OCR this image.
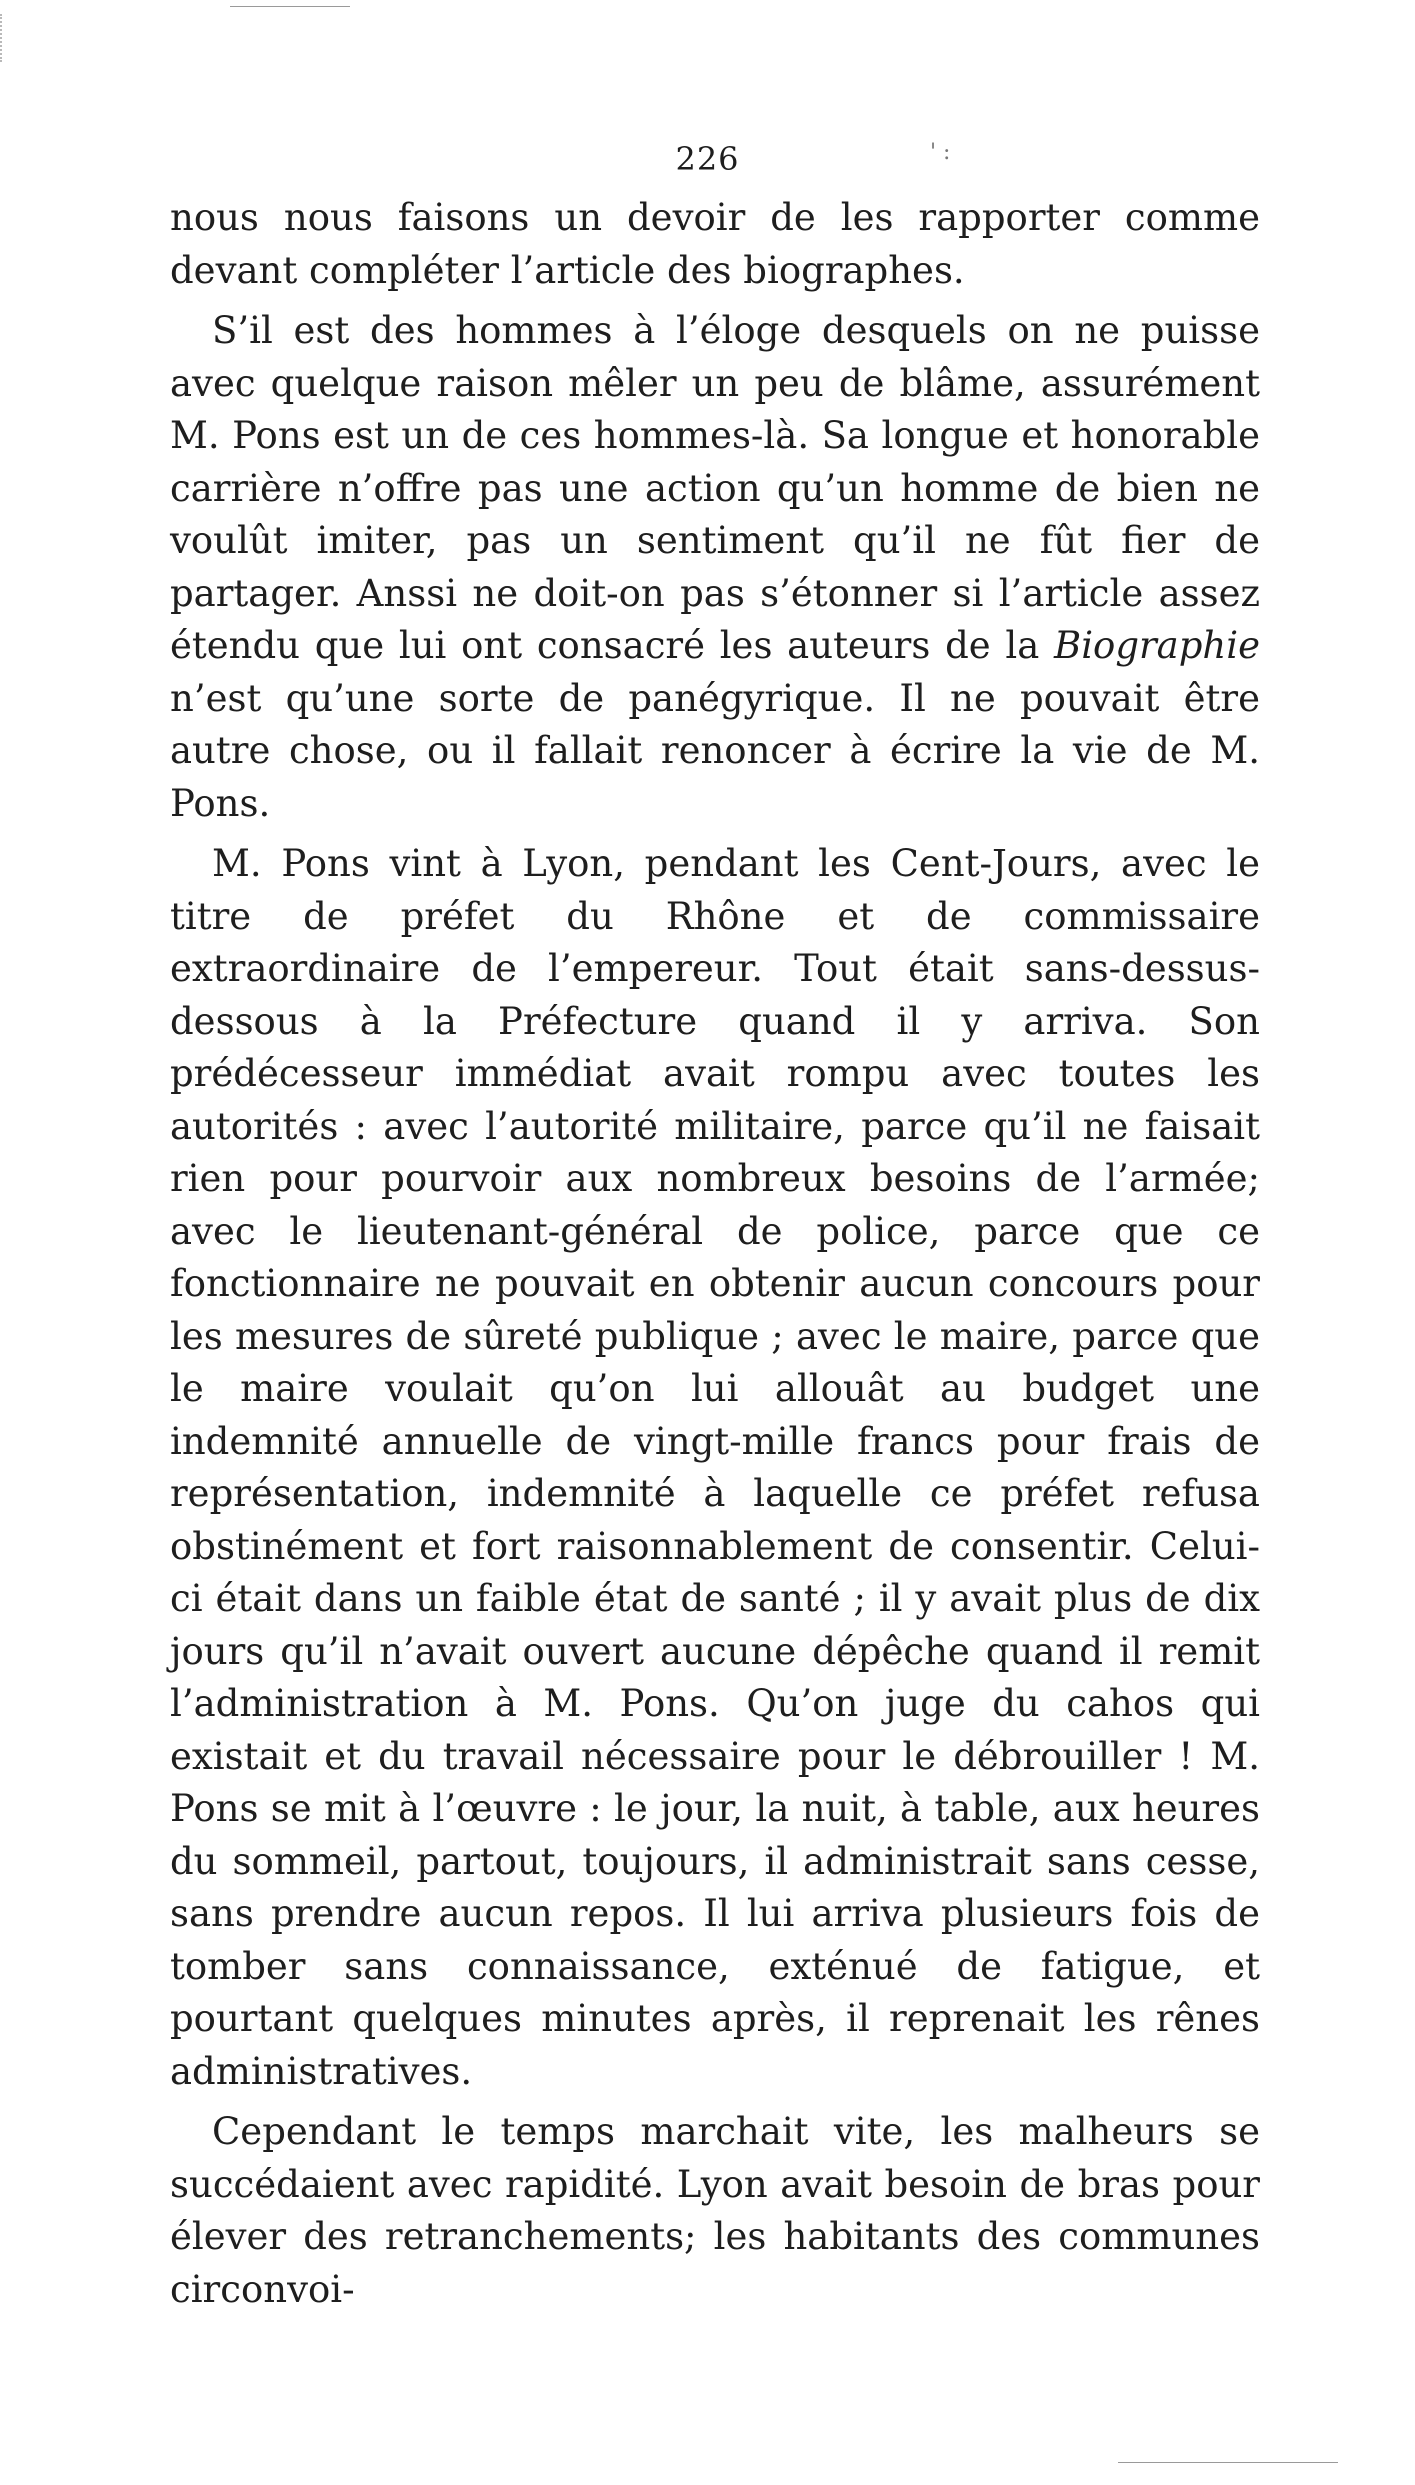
226	' :

nous nous faisons un devoir de les rapporter comme devant compléter l’article des biographes.

S’il est des hommes à l’éloge desquels on ne puisse avec quelque raison mêler un peu de blâme, assurément M. Pons est un de ces hommes-là. Sa longue et honorable carrière n’offre pas une action qu’un homme de bien ne voulût imiter, pas un sentiment qu’il ne fût fier de partager. Anssi ne doit-on pas s’étonner si l’article assez étendu que lui ont consacré les auteurs de la Biographie n’est qu’une sorte de panégyrique. Il ne pouvait être autre chose, ou il fallait renoncer à écrire la vie de M. Pons.

M. Pons vint à Lyon, pendant les Cent-Jours, avec le titre de préfet du Rhône et de commissaire extraordinaire de l’empereur. Tout était sans-dessus-dessous à la Préfecture quand il y arriva. Son prédécesseur immédiat avait rompu avec toutes les autorités : avec l’autorité militaire, parce qu’il ne faisait rien pour pourvoir aux nombreux besoins de l’armée; avec le lieutenant-général de police, parce que ce fonctionnaire ne pouvait en obtenir aucun concours pour les mesures de sûreté publique ; avec le maire, parce que le maire voulait qu’on lui allouât au budget une indemnité annuelle de vingt-mille francs pour frais de représentation, indemnité à laquelle ce préfet refusa obstinément et fort raisonnablement de consentir. Celui-ci était dans un faible état de santé ; il y avait plus de dix jours qu’il n’avait ouvert aucune dépêche quand il remit l’administration à M. Pons. Qu’on juge du cahos qui existait et du travail nécessaire pour le débrouiller ! M. Pons se mit à l’œuvre : le jour, la nuit, à table, aux heures du sommeil, partout, toujours, il administrait sans cesse, sans prendre aucun repos. Il lui arriva plusieurs fois de tomber sans connaissance, exténué de fatigue, et pourtant quelques minutes après, il reprenait les rênes administratives.

Cependant le temps marchait vite, les malheurs se succédaient avec rapidité. Lyon avait besoin de bras pour élever des retranchements; les habitants des communes circonvoi-
